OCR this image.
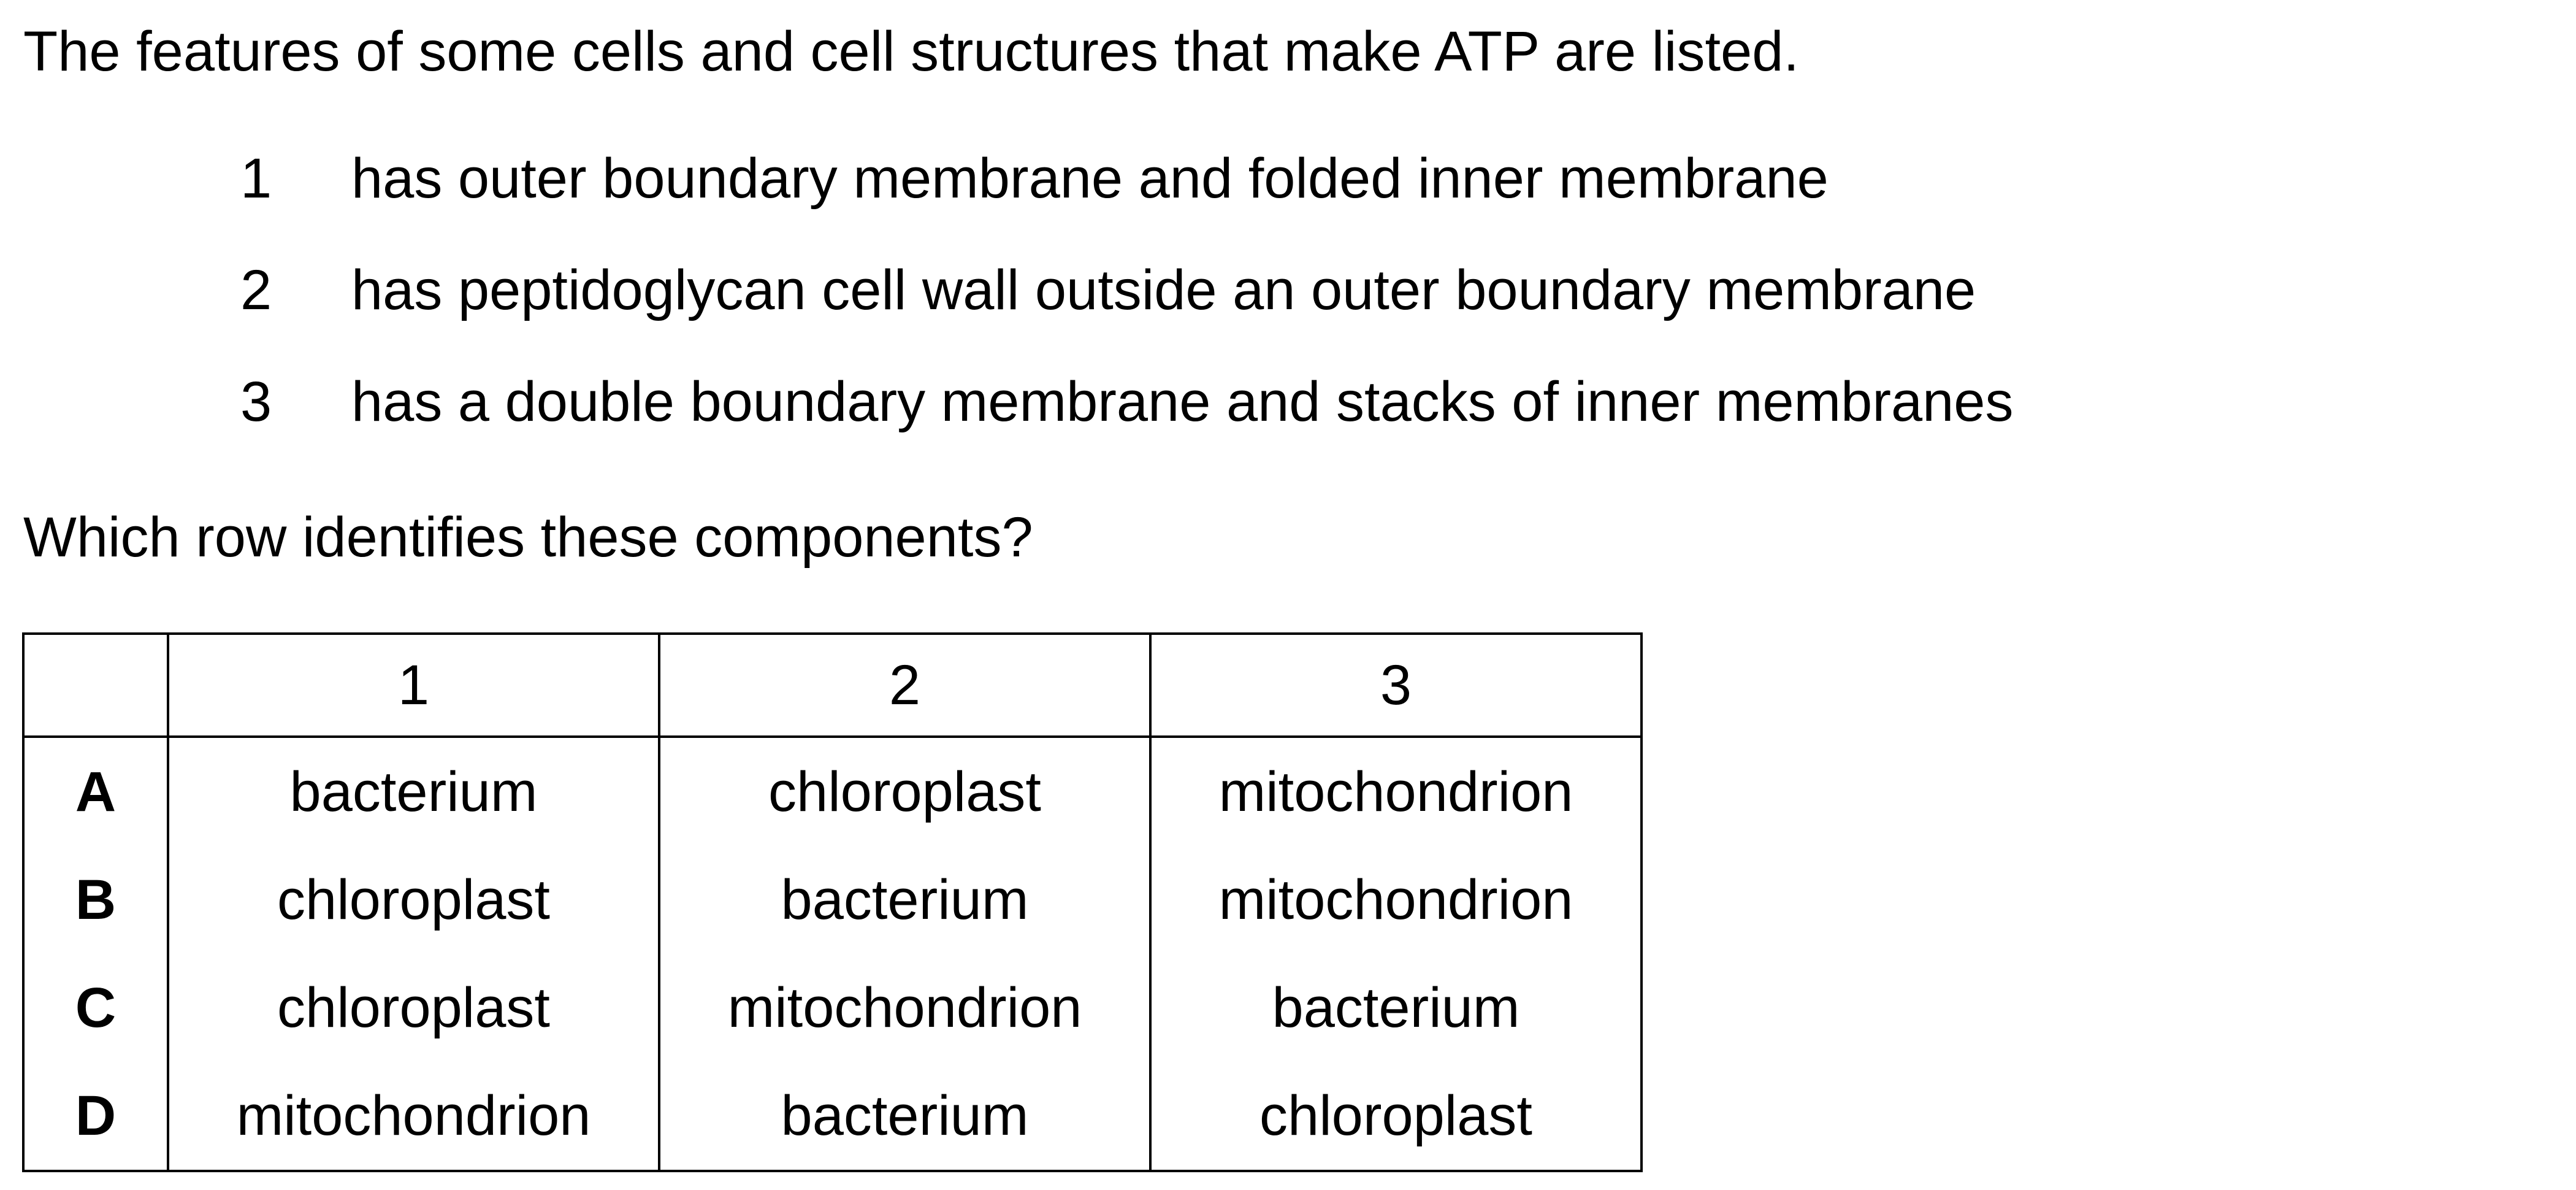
The features of some cells and cell structures that make ATP are listed.
1 has outer boundary membrane and folded inner membrane
2 has peptidoglycan cell wall outside an outer boundary membrane
3 has a double boundary membrane and stacks of inner membranes
Which row identifies these components?
	1	2	3
A	bacterium	chloroplast	mitochondrion
B	chloroplast	bacterium	mitochondrion
C	chloroplast	mitochondrion	bacterium
D	mitochondrion	bacterium	chloroplast
